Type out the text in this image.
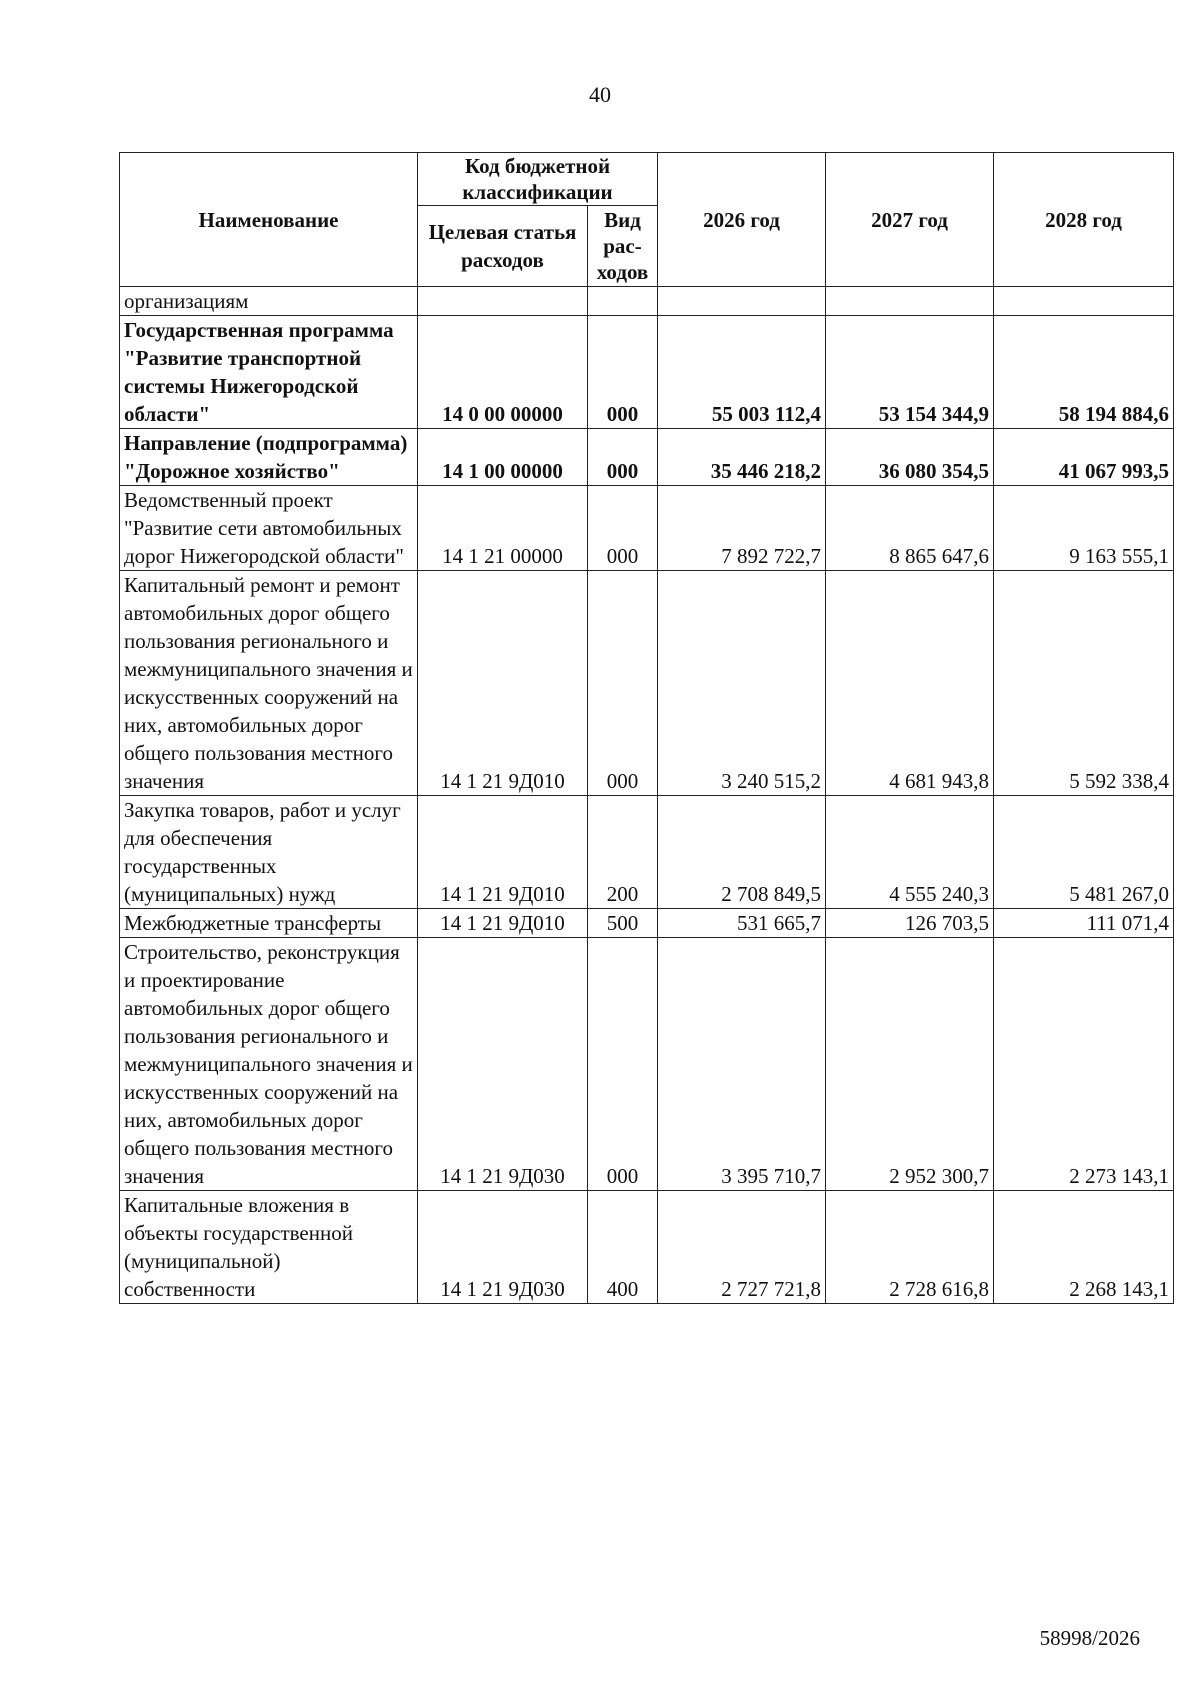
40
Наименование	Код бюджетной классификации		2026 год	2027 год	2028 год
	Целевая статья расходов	Вид рас-ходов			
организациям					
Государственная программа "Развитие транспортной системы Нижегородской области"	14 0 00 00000	000	55 003 112,4	53 154 344,9	58 194 884,6
Направление (подпрограмма) "Дорожное хозяйство"	14 1 00 00000	000	35 446 218,2	36 080 354,5	41 067 993,5
Ведомственный проект "Развитие сети автомобильных дорог Нижегородской области"	14 1 21 00000	000	7 892 722,7	8 865 647,6	9 163 555,1
Капитальный ремонт и ремонт автомобильных дорог общего пользования регионального и межмуниципального значения и искусственных сооружений на них, автомобильных дорог общего пользования местного значения	14 1 21 9Д010	000	3 240 515,2	4 681 943,8	5 592 338,4
Закупка товаров, работ и услуг для обеспечения государственных (муниципальных) нужд	14 1 21 9Д010	200	2 708 849,5	4 555 240,3	5 481 267,0
Межбюджетные трансферты	14 1 21 9Д010	500	531 665,7	126 703,5	111 071,4
Строительство, реконструкция и проектирование автомобильных дорог общего пользования регионального и межмуниципального значения и искусственных сооружений на них, автомобильных дорог общего пользования местного значения	14 1 21 9Д030	000	3 395 710,7	2 952 300,7	2 273 143,1
Капитальные вложения в объекты государственной (муниципальной) собственности	14 1 21 9Д030	400	2 727 721,8	2 728 616,8	2 268 143,1
58998/2026
